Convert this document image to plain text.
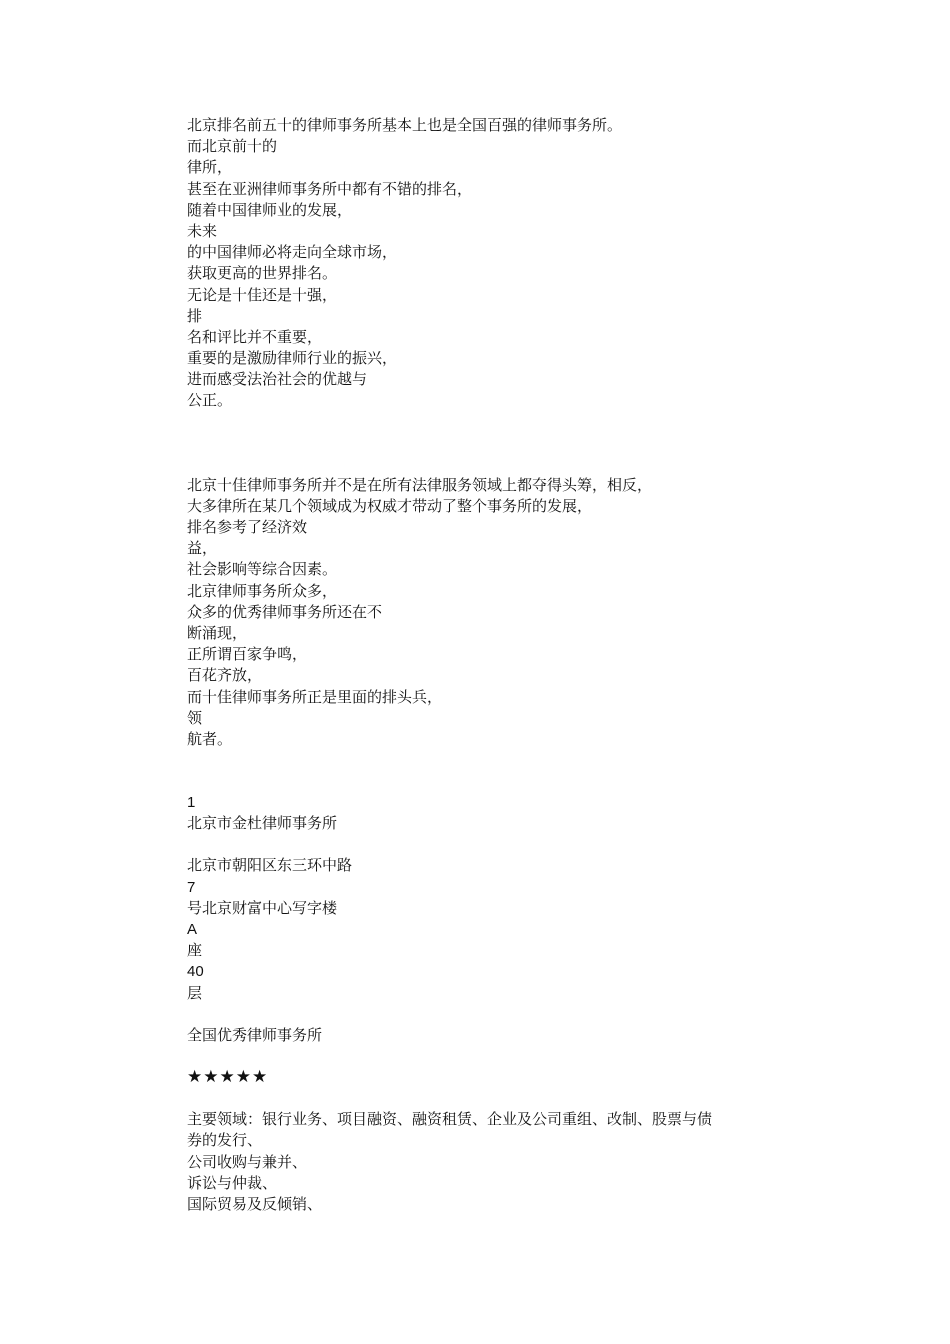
北京排名前五十的律师事务所基本上也是全国百强的律师事务所。
而北京前十的
律所，
甚至在亚洲律师事务所中都有不错的排名，
随着中国律师业的发展，
未来
的中国律师必将走向全球市场，
获取更高的世界排名。
无论是十佳还是十强，
排
名和评比并不重要，
重要的是激励律师行业的振兴，
进而感受法治社会的优越与
公正。
北京十佳律师事务所并不是在所有法律服务领域上都夺得头筹，相反，
大多律所在某几个领域成为权威才带动了整个事务所的发展，
排名参考了经济效
益，
社会影响等综合因素。
北京律师事务所众多，
众多的优秀律师事务所还在不
断涌现，
正所谓百家争鸣，
百花齐放，
而十佳律师事务所正是里面的排头兵，
领
航者。
1
北京市金杜律师事务所
北京市朝阳区东三环中路
7
号北京财富中心写字楼
A
座
40
层
全国优秀律师事务所
★★★★★
主要领域：银行业务、项目融资、融资租赁、企业及公司重组、改制、股票与债
券的发行、
公司收购与兼并、
诉讼与仲裁、
国际贸易及反倾销、
